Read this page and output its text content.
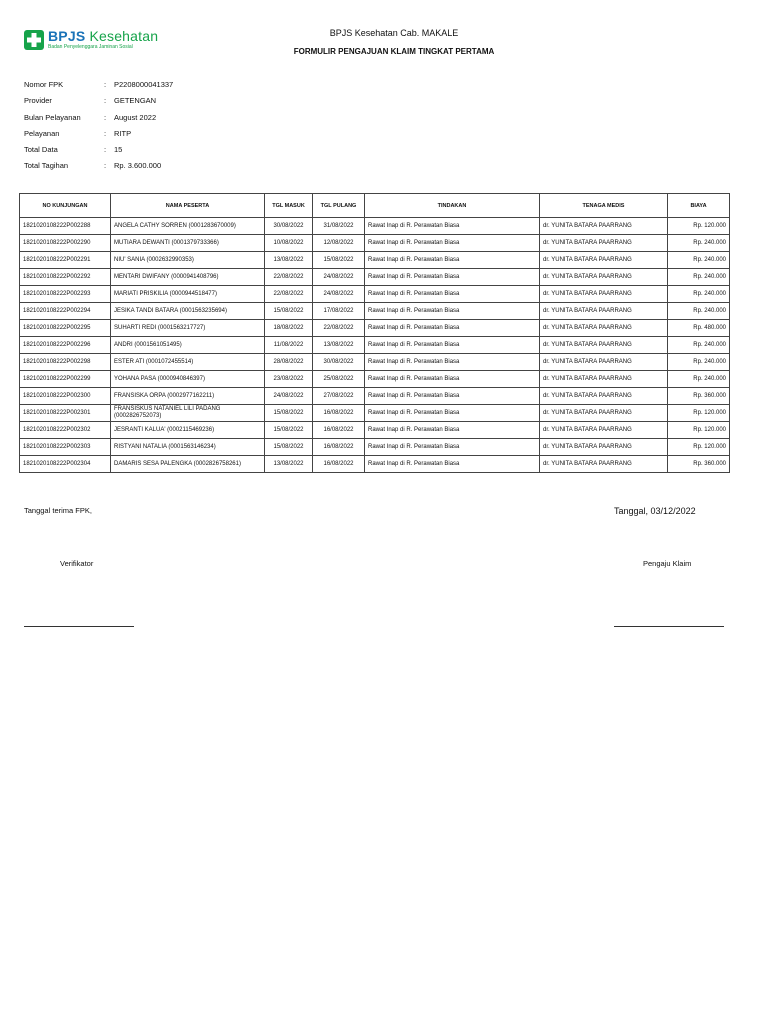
BPJS Kesehatan
Badan Penyelenggara Jaminan Sosial
BPJS Kesehatan Cab. MAKALE
FORMULIR PENGAJUAN KLAIM TINGKAT PERTAMA
Nomor FPK	: P2208000041337
Provider	: GETENGAN
Bulan Pelayanan	: August 2022
Pelayanan	: RITP
Total Data	: 15
Total Tagihan	: Rp. 3.600.000
NO KUNJUNGAN	NAMA PESERTA	TGL MASUK	TGL PULANG	TINDAKAN	TENAGA MEDIS	BIAYA
1821020108222P002288	ANGELA CATHY SORREN (0001283670009)	30/08/2022	31/08/2022	Rawat Inap di R. Perawatan Biasa	dr. YUNITA BATARA PAARRANG	Rp. 120.000
1821020108222P002290	MUTIARA DEWANTI (0001379733366)	10/08/2022	12/08/2022	Rawat Inap di R. Perawatan Biasa	dr. YUNITA BATARA PAARRANG	Rp. 240.000
1821020108222P002291	NIU' SANIA (0002632990353)	13/08/2022	15/08/2022	Rawat Inap di R. Perawatan Biasa	dr. YUNITA BATARA PAARRANG	Rp. 240.000
1821020108222P002292	MENTARI DWIFANY (0000941408796)	22/08/2022	24/08/2022	Rawat Inap di R. Perawatan Biasa	dr. YUNITA BATARA PAARRANG	Rp. 240.000
1821020108222P002293	MARIATI PRISKILIA (0000944518477)	22/08/2022	24/08/2022	Rawat Inap di R. Perawatan Biasa	dr. YUNITA BATARA PAARRANG	Rp. 240.000
1821020108222P002294	JESIKA TANDI BATARA (0001563235694)	15/08/2022	17/08/2022	Rawat Inap di R. Perawatan Biasa	dr. YUNITA BATARA PAARRANG	Rp. 240.000
1821020108222P002295	SUHARTI REDI (0001563217727)	18/08/2022	22/08/2022	Rawat Inap di R. Perawatan Biasa	dr. YUNITA BATARA PAARRANG	Rp. 480.000
1821020108222P002296	ANDRI (0001561051495)	11/08/2022	13/08/2022	Rawat Inap di R. Perawatan Biasa	dr. YUNITA BATARA PAARRANG	Rp. 240.000
1821020108222P002298	ESTER ATI (0001072455514)	28/08/2022	30/08/2022	Rawat Inap di R. Perawatan Biasa	dr. YUNITA BATARA PAARRANG	Rp. 240.000
1821020108222P002299	YOHANA PASA (0000940846397)	23/08/2022	25/08/2022	Rawat Inap di R. Perawatan Biasa	dr. YUNITA BATARA PAARRANG	Rp. 240.000
1821020108222P002300	FRANSISKA ORPA (0002977162211)	24/08/2022	27/08/2022	Rawat Inap di R. Perawatan Biasa	dr. YUNITA BATARA PAARRANG	Rp. 360.000
1821020108222P002301	FRANSISKUS NATANIEL LILI PADANG (0002826752073)	15/08/2022	16/08/2022	Rawat Inap di R. Perawatan Biasa	dr. YUNITA BATARA PAARRANG	Rp. 120.000
1821020108222P002302	JESRANTI KALUA' (0002115469236)	15/08/2022	16/08/2022	Rawat Inap di R. Perawatan Biasa	dr. YUNITA BATARA PAARRANG	Rp. 120.000
1821020108222P002303	RISTYANI NATALIA (0001563146234)	15/08/2022	16/08/2022	Rawat Inap di R. Perawatan Biasa	dr. YUNITA BATARA PAARRANG	Rp. 120.000
1821020108222P002304	DAMARIS SESA PALENGKA (0002826758261)	13/08/2022	16/08/2022	Rawat Inap di R. Perawatan Biasa	dr. YUNITA BATARA PAARRANG	Rp. 360.000
Tanggal terima FPK,	Tanggal, 03/12/2022
Verifikator	Pengaju Klaim
